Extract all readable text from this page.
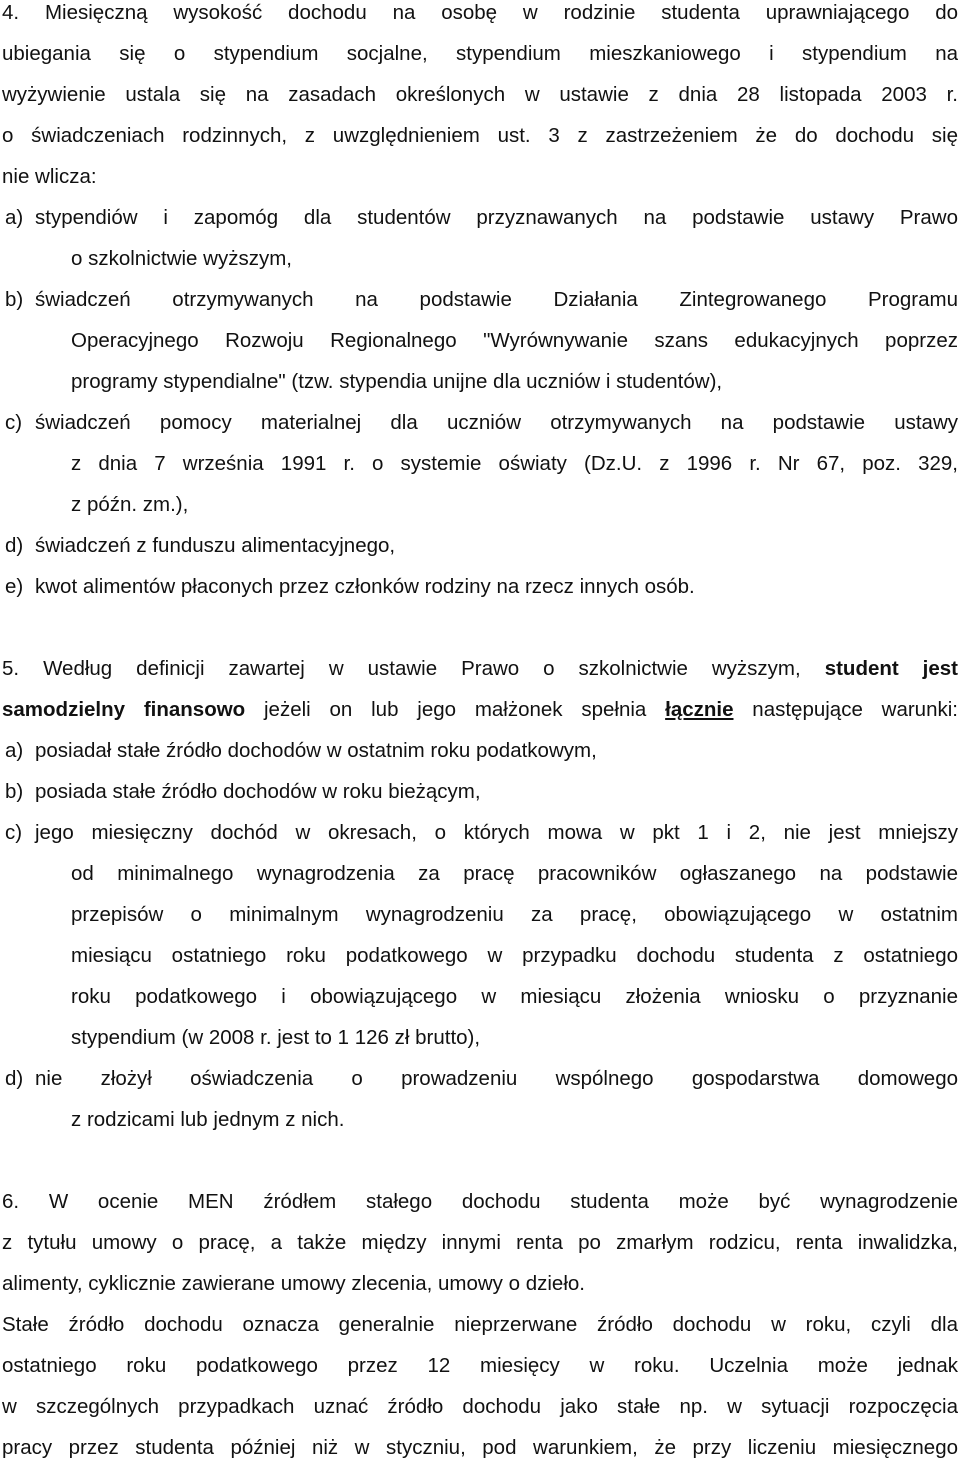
4. Miesięczną wysokość dochodu na osobę w rodzinie studenta uprawniającego do
ubiegania się o stypendium socjalne, stypendium mieszkaniowego i stypendium na
wyżywienie ustala się na zasadach określonych w ustawie z dnia 28 listopada 2003 r.
o świadczeniach rodzinnych, z uwzględnieniem ust. 3 z zastrzeżeniem że do dochodu się
nie wlicza:
a) stypendiów i zapomóg dla studentów przyznawanych na podstawie ustawy Prawo
o szkolnictwie wyższym,
b) świadczeń otrzymywanych na podstawie Działania Zintegrowanego Programu
Operacyjnego Rozwoju Regionalnego "Wyrównywanie szans edukacyjnych poprzez
programy stypendialne" (tzw. stypendia unijne dla uczniów i studentów),
c) świadczeń pomocy materialnej dla uczniów otrzymywanych na podstawie ustawy
z dnia 7 września 1991 r. o systemie oświaty (Dz.U. z 1996 r. Nr 67, poz. 329,
z późn. zm.),
d) świadczeń z funduszu alimentacyjnego,
e) kwot alimentów płaconych przez członków rodziny na rzecz innych osób.
5. Według definicji zawartej w ustawie Prawo o szkolnictwie wyższym, student jest
samodzielny finansowo jeżeli on lub jego małżonek spełnia łącznie następujące warunki:
a) posiadał stałe źródło dochodów w ostatnim roku podatkowym,
b) posiada stałe źródło dochodów w roku bieżącym,
c) jego miesięczny dochód w okresach, o których mowa w pkt 1 i 2, nie jest mniejszy
od minimalnego wynagrodzenia za pracę pracowników ogłaszanego na podstawie
przepisów o minimalnym wynagrodzeniu za pracę, obowiązującego w ostatnim
miesiącu ostatniego roku podatkowego w przypadku dochodu studenta z ostatniego
roku podatkowego i obowiązującego w miesiącu złożenia wniosku o przyznanie
stypendium (w 2008 r. jest to 1 126 zł brutto),
d) nie złożył oświadczenia o prowadzeniu wspólnego gospodarstwa domowego
z rodzicami lub jednym z nich.
6. W ocenie MEN źródłem stałego dochodu studenta może być wynagrodzenie
z tytułu umowy o pracę, a także między innymi renta po zmarłym rodzicu, renta inwalidzka,
alimenty, cyklicznie zawierane umowy zlecenia, umowy o dzieło.
Stałe źródło dochodu oznacza generalnie nieprzerwane źródło dochodu w roku, czyli dla
ostatniego roku podatkowego przez 12 miesięcy w roku. Uczelnia może jednak
w szczególnych przypadkach uznać źródło dochodu jako stałe np. w sytuacji rozpoczęcia
pracy przez studenta później niż w styczniu, pod warunkiem, że przy liczeniu miesięcznego
